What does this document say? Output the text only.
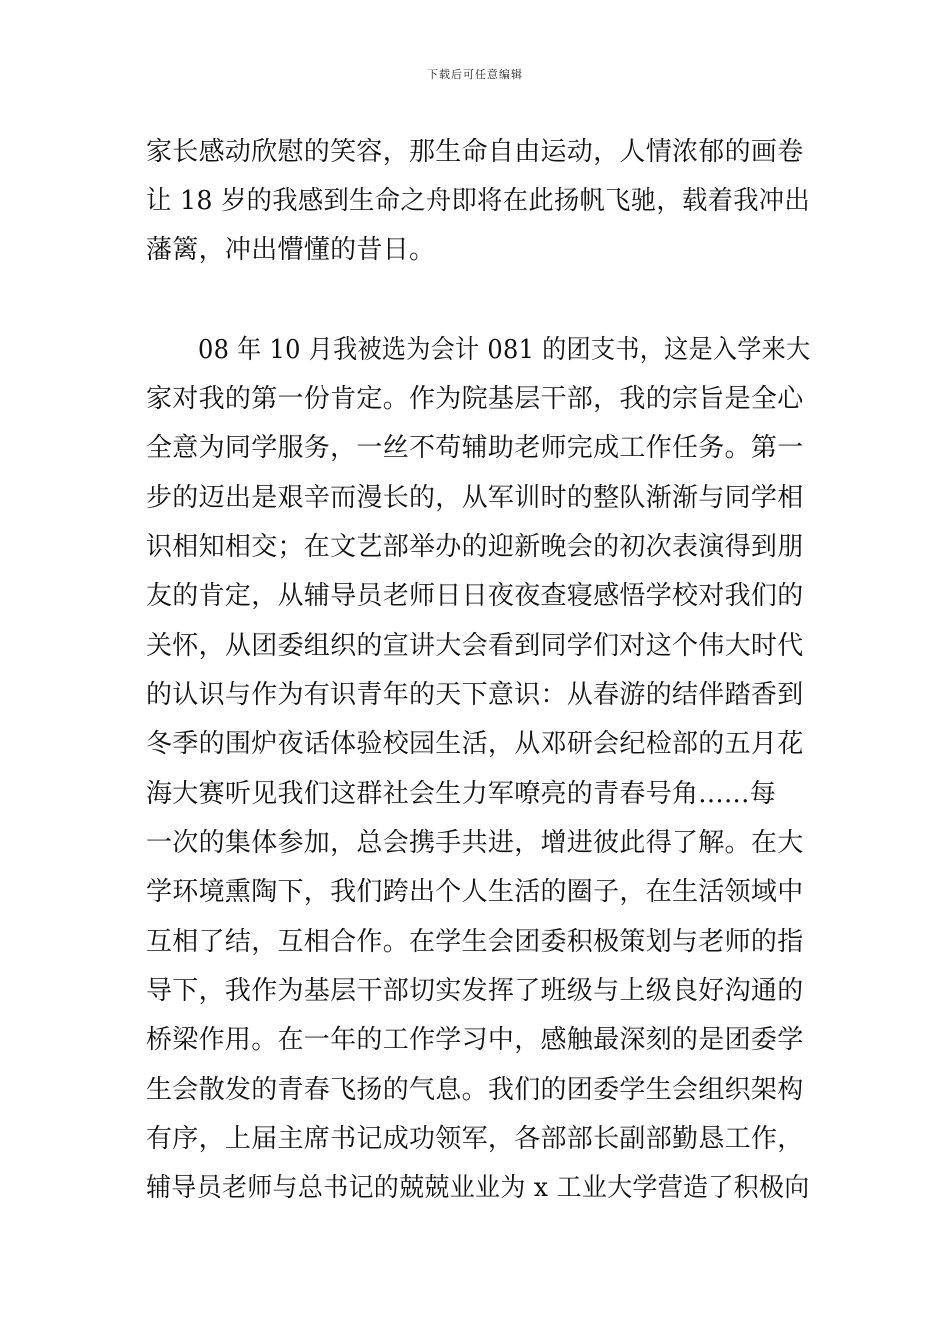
下载后可任意编辑
家长感动欣慰的笑容，那生命自由运动，人情浓郁的画卷
让 18 岁的我感到生命之舟即将在此扬帆飞驰，载着我冲出
藩篱，冲出懵懂的昔日。
08 年 10 月我被选为会计 081 的团支书，这是入学来大
家对我的第一份肯定。作为院基层干部，我的宗旨是全心
全意为同学服务，一丝不苟辅助老师完成工作任务。第一
步的迈出是艰辛而漫长的，从军训时的整队渐渐与同学相
识相知相交；在文艺部举办的迎新晚会的初次表演得到朋
友的肯定，从辅导员老师日日夜夜查寝感悟学校对我们的
关怀，从团委组织的宣讲大会看到同学们对这个伟大时代
的认识与作为有识青年的天下意识：从春游的结伴踏香到
冬季的围炉夜话体验校园生活，从邓研会纪检部的五月花
海大赛听见我们这群社会生力军嘹亮的青春号角......每
一次的集体参加，总会携手共进，增进彼此得了解。在大
学环境熏陶下，我们跨出个人生活的圈子，在生活领域中
互相了结，互相合作。在学生会团委积极策划与老师的指
导下，我作为基层干部切实发挥了班级与上级良好沟通的
桥梁作用。在一年的工作学习中，感触最深刻的是团委学
生会散发的青春飞扬的气息。我们的团委学生会组织架构
有序，上届主席书记成功领军，各部部长副部勤恳工作，
辅导员老师与总书记的兢兢业业为 x 工业大学营造了积极向
